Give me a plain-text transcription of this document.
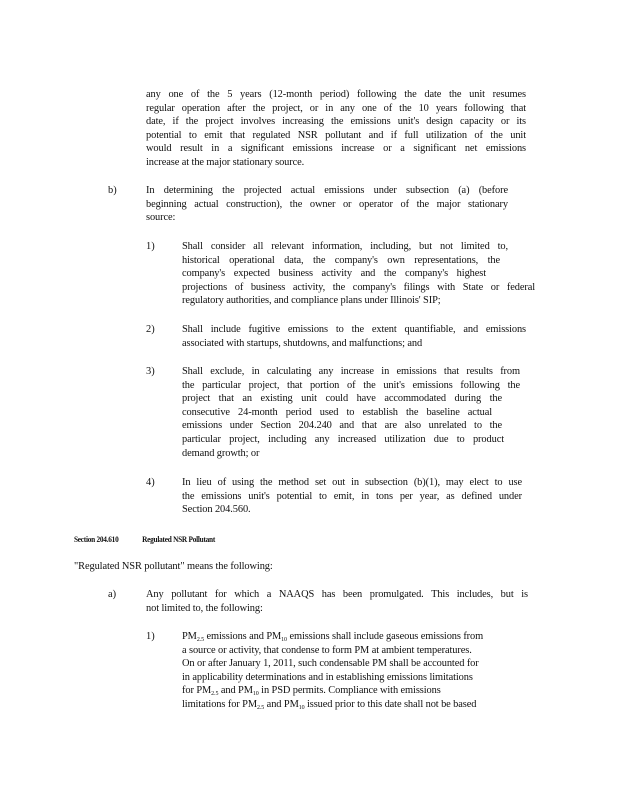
any one of the 5 years (12-month period) following the date the unit resumes
regular operation after the project, or in any one of the 10 years following that
date, if the project involves increasing the emissions unit's design capacity or its
potential to emit that regulated NSR pollutant and if full utilization of the unit
would result in a significant emissions increase or a significant net emissions
increase at the major stationary source.
b)	In determining the projected actual emissions under subsection (a) (before
beginning actual construction), the owner or operator of the major stationary
source:
1)	Shall consider all relevant information, including, but not limited to,
historical operational data, the company's own representations, the
company's expected business activity and the company's highest
projections of business activity, the company's filings with State or federal
regulatory authorities, and compliance plans under Illinois' SIP;
2)	Shall include fugitive emissions to the extent quantifiable, and emissions
associated with startups, shutdowns, and malfunctions; and
3)	Shall exclude, in calculating any increase in emissions that results from
the particular project, that portion of the unit's emissions following the
project that an existing unit could have accommodated during the
consecutive 24-month period used to establish the baseline actual
emissions under Section 204.240 and that are also unrelated to the
particular project, including any increased utilization due to product
demand growth; or
4)	In lieu of using the method set out in subsection (b)(1), may elect to use
the emissions unit's potential to emit, in tons per year, as defined under
Section 204.560.
Section 204.610	Regulated NSR Pollutant
"Regulated NSR pollutant" means the following:
a)	Any pollutant for which a NAAQS has been promulgated. This includes, but is
not limited to, the following:
1)	$PM_{2.5}$ emissions and $PM_{10}$ emissions shall include gaseous emissions from
a source or activity, that condense to form PM at ambient temperatures.
On or after January 1, 2011, such condensable PM shall be accounted for
in applicability determinations and in establishing emissions limitations
for $PM_{2.5}$ and $PM_{10}$ in PSD permits. Compliance with emissions
limitations for $PM_{2.5}$ and $PM_{10}$ issued prior to this date shall not be based
